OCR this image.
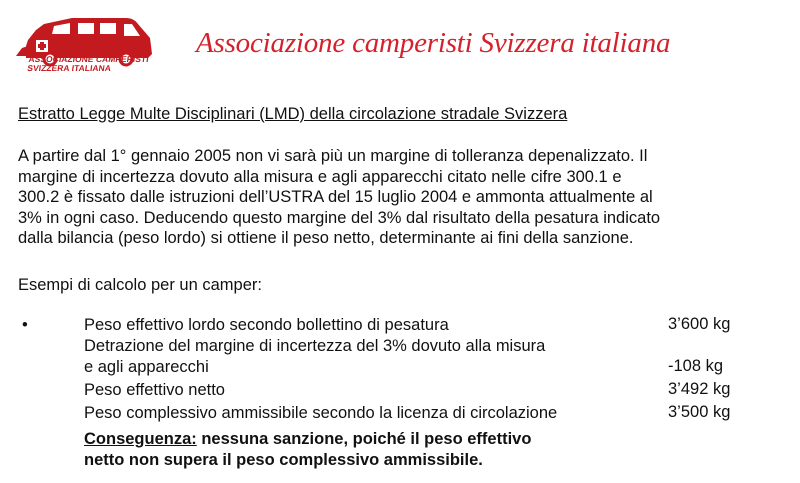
ASSOCIAZIONE CAMPERISTI
SVIZZERA ITALIANA
Associazione camperisti Svizzera italiana
Estratto Legge Multe Disciplinari (LMD) della circolazione stradale Svizzera
A partire dal 1° gennaio 2005 non vi sarà più un margine di tolleranza depenalizzato. Il
margine di incertezza dovuto alla misura e agli apparecchi citato nelle cifre 300.1 e
300.2 è fissato dalle istruzioni dell’USTRA del 15 luglio 2004 e ammonta attualmente al
3% in ogni caso. Deducendo questo margine del 3% dal risultato della pesatura indicato
dalla bilancia (peso lordo) si ottiene il peso netto, determinante ai fini della sanzione.
Esempi di calcolo per un camper:
•	Peso effettivo lordo secondo bollettino di pesatura	3’600 kg
Detrazione del margine di incertezza del 3% dovuto alla misura
e agli apparecchi	-108 kg
Peso effettivo netto	3’492 kg
Peso complessivo ammissibile secondo la licenza di circolazione	3’500 kg
Conseguenza: nessuna sanzione, poiché il peso effettivo
netto non supera il peso complessivo ammissibile.
